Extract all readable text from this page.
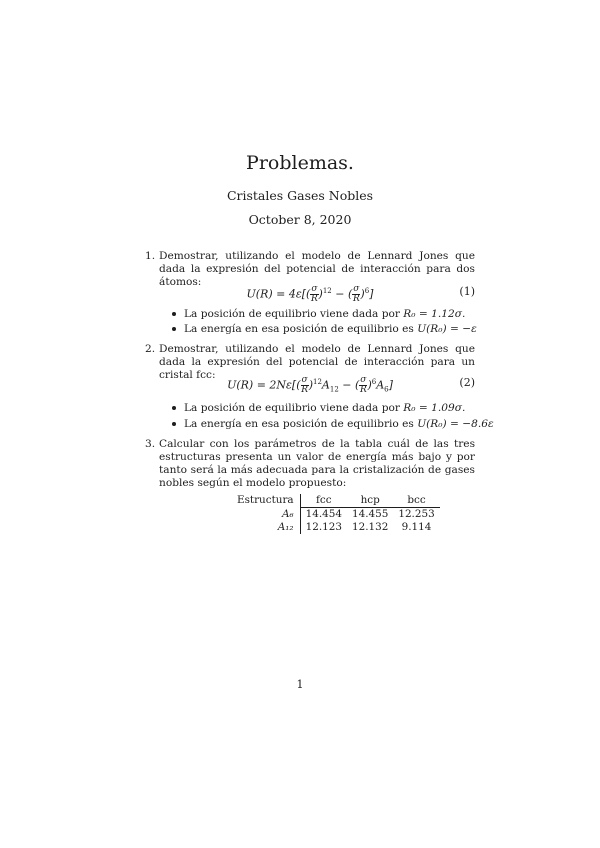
Problemas.
Cristales Gases Nobles
October 8, 2020
1. Demostrar, utilizando el modelo de Lennard Jones que dada la expresión del potencial de interacción para dos átomos:
$U(R) = 4\varepsilon[( \frac{\sigma}{R} )^{12}$ − ( $\frac{\sigma}{R} )^6$]	(1)
La posición de equilibrio viene dada por R₀ = 1.12σ.
La energía en esa posición de equilibrio es U(R₀) = −ε
2. Demostrar, utilizando el modelo de Lennard Jones que dada la expresión del potencial de interacción para un cristal fcc:
$U(R) = 2N\varepsilon[( \frac{\sigma}{R} )^{12}A_{12}$ − ( $\frac{\sigma}{R} )^6A_6$]	(2)
La posición de equilibrio viene dada por R₀ = 1.09σ.
La energía en esa posición de equilibrio es U(R₀) = −8.6ε
3. Calcular con los parámetros de la tabla cuál de las tres estructuras presenta un valor de energía más bajo y por tanto será la más adecuada para la cristalización de gases nobles según el modelo propuesto:
Estructura	fcc	hcp	bcc
A₆	14.454	14.455	12.253
A₁₂	12.123	12.132	9.114
1
